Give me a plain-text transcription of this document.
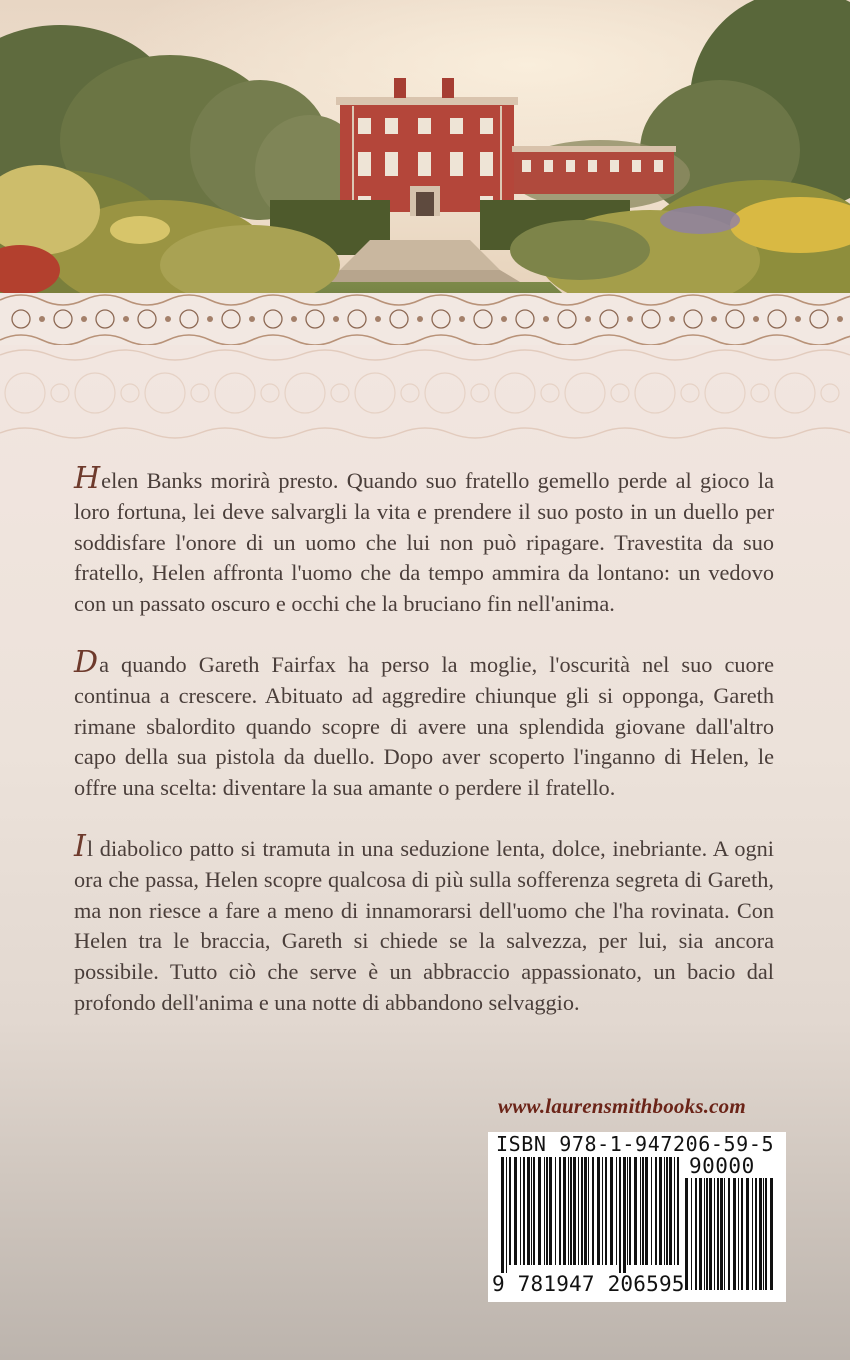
Helen Banks morirà presto. Quando suo fratello gemello perde al gioco la loro fortuna, lei deve salvargli la vita e prendere il suo posto in un duello per soddisfare l'onore di un uomo che lui non può ripagare. Travestita da suo fratello, Helen affronta l'uomo che da tempo ammira da lontano: un vedovo con un passato oscuro e occhi che la bruciano fin nell'anima.

Da quando Gareth Fairfax ha perso la moglie, l'oscurità nel suo cuore continua a crescere. Abituato ad aggredire chiunque gli si opponga, Gareth rimane sbalordito quando scopre di avere una splendida giovane dall'altro capo della sua pistola da duello. Dopo aver scoperto l'inganno di Helen, le offre una scelta: diventare la sua amante o perdere il fratello.

Il diabolico patto si tramuta in una seduzione lenta, dolce, inebriante. A ogni ora che passa, Helen scopre qualcosa di più sulla sofferenza segreta di Gareth, ma non riesce a fare a meno di innamorarsi dell'uomo che l'ha rovinata. Con Helen tra le braccia, Gareth si chiede se la salvezza, per lui, sia ancora possibile. Tutto ciò che serve è un abbraccio appassionato, un bacio dal profondo dell'anima e una notte di abbandono selvaggio.

www.laurensmithbooks.com
ISBN 978-1-947206-59-5
90000
9 781947 206595
